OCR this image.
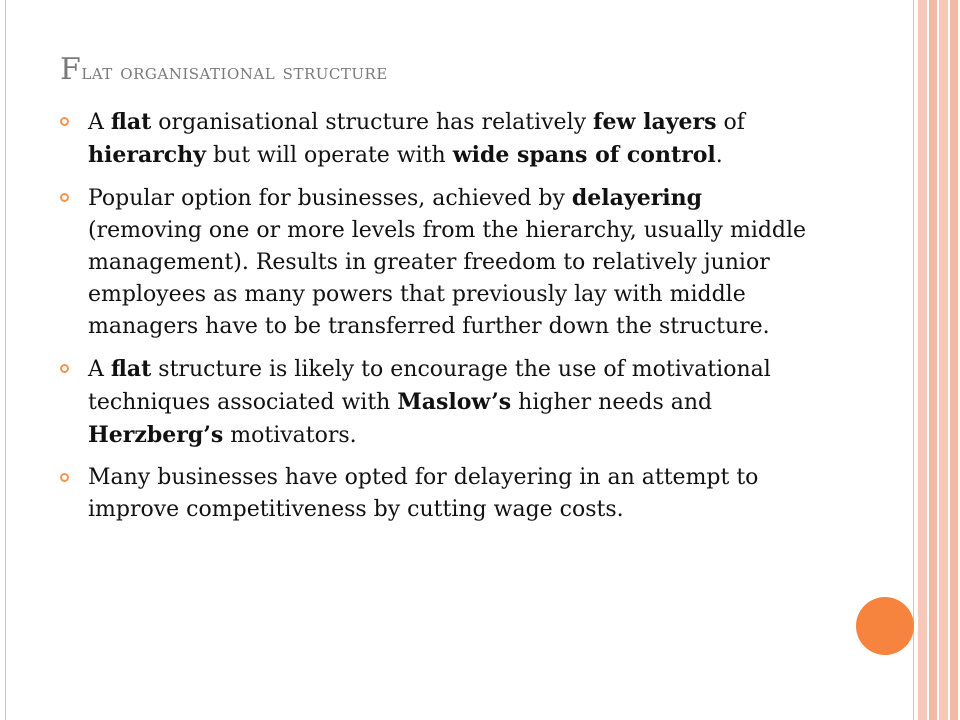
Flat organisational structure
A flat organisational structure has relatively few layers of hierarchy but will operate with wide spans of control.
Popular option for businesses, achieved by delayering (removing one or more levels from the hierarchy, usually middle management). Results in greater freedom to relatively junior employees as many powers that previously lay with middle managers have to be transferred further down the structure.
A flat structure is likely to encourage the use of motivational techniques associated with Maslow’s higher needs and Herzberg’s motivators.
Many businesses have opted for delayering in an attempt to improve competitiveness by cutting wage costs.
